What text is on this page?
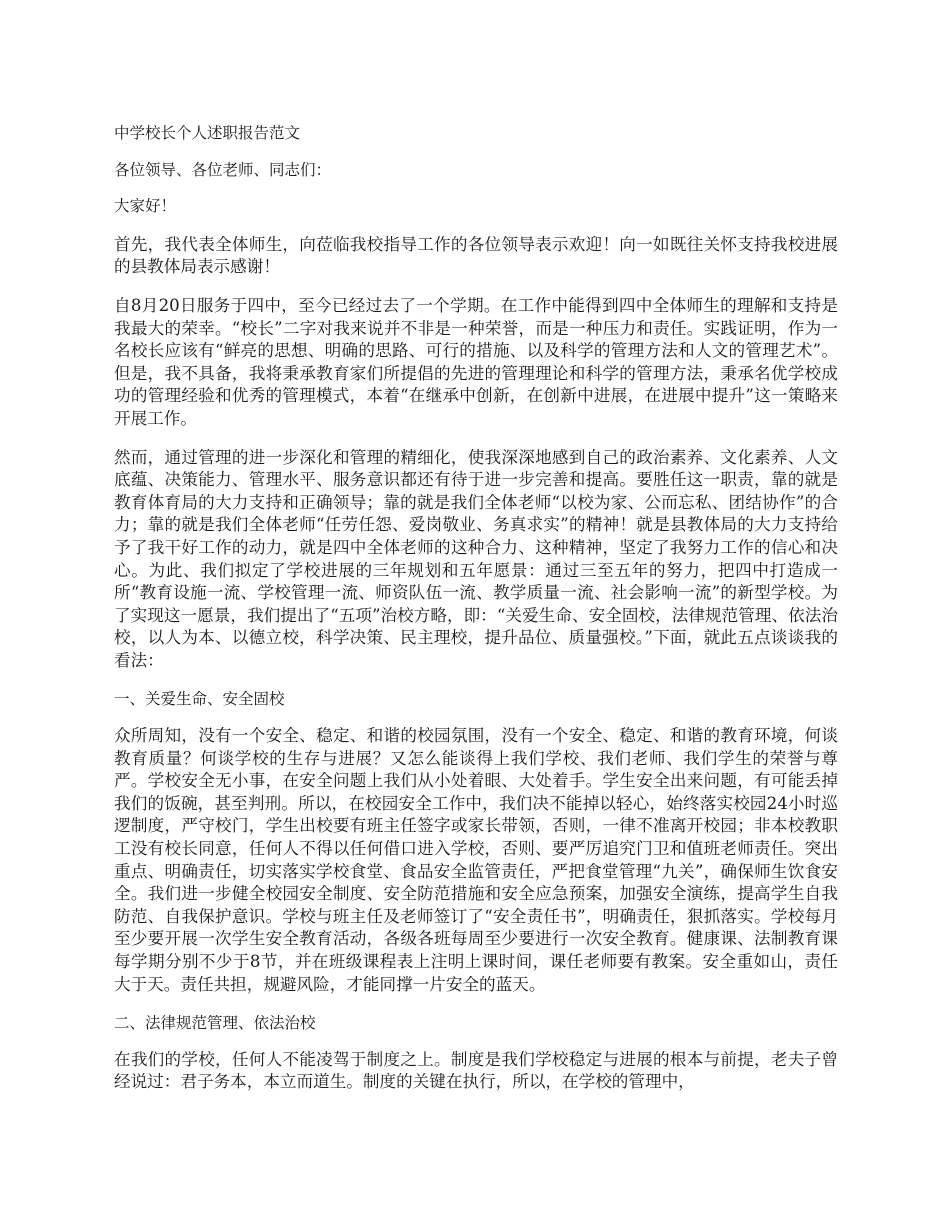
中学校长个人述职报告范文

各位领导、各位老师、同志们：

大家好！

首先，我代表全体师生，向莅临我校指导工作的各位领导表示欢迎！向一如既往关怀支持我校进展的县教体局表示感谢！

自8月20日服务于四中，至今已经过去了一个学期。在工作中能得到四中全体师生的理解和支持是我最大的荣幸。“校长”二字对我来说并不非是一种荣誉，而是一种压力和责任。实践证明，作为一名校长应该有“鲜亮的思想、明确的思路、可行的措施、以及科学的管理方法和人文的管理艺术”。但是，我不具备，我将秉承教育家们所提倡的先进的管理理论和科学的管理方法，秉承名优学校成功的管理经验和优秀的管理模式，本着“在继承中创新，在创新中进展，在进展中提升”这一策略来开展工作。

然而，通过管理的进一步深化和管理的精细化，使我深深地感到自己的政治素养、文化素养、人文底蕴、决策能力、管理水平、服务意识都还有待于进一步完善和提高。要胜任这一职责，靠的就是教育体育局的大力支持和正确领导；靠的就是我们全体老师“以校为家、公而忘私、团结协作”的合力；靠的就是我们全体老师“任劳任怨、爱岗敬业、务真求实”的精神！就是县教体局的大力支持给予了我干好工作的动力，就是四中全体老师的这种合力、这种精神，坚定了我努力工作的信心和决心。为此、我们拟定了学校进展的三年规划和五年愿景：通过三至五年的努力，把四中打造成一所“教育设施一流、学校管理一流、师资队伍一流、教学质量一流、社会影响一流”的新型学校。为了实现这一愿景，我们提出了“五项”治校方略，即：“关爱生命、安全固校，法律规范管理、依法治校，以人为本、以德立校，科学决策、民主理校，提升品位、质量强校。”下面，就此五点谈谈我的看法：

一、关爱生命、安全固校

众所周知，没有一个安全、稳定、和谐的校园氛围，没有一个安全、稳定、和谐的教育环境，何谈教育质量？何谈学校的生存与进展？又怎么能谈得上我们学校、我们老师、我们学生的荣誉与尊严。学校安全无小事，在安全问题上我们从小处着眼、大处着手。学生安全出来问题，有可能丢掉我们的饭碗，甚至判刑。所以，在校园安全工作中，我们决不能掉以轻心，始终落实校园24小时巡逻制度，严守校门，学生出校要有班主任签字或家长带领，否则，一律不准离开校园；非本校教职工没有校长同意，任何人不得以任何借口进入学校，否则、要严厉追究门卫和值班老师责任。突出重点、明确责任，切实落实学校食堂、食品安全监管责任，严把食堂管理“九关”，确保师生饮食安全。我们进一步健全校园安全制度、安全防范措施和安全应急预案，加强安全演练，提高学生自我防范、自我保护意识。学校与班主任及老师签订了“安全责任书”，明确责任，狠抓落实。学校每月至少要开展一次学生安全教育活动，各级各班每周至少要进行一次安全教育。健康课、法制教育课每学期分别不少于8节，并在班级课程表上注明上课时间，课任老师要有教案。安全重如山，责任大于天。责任共担，规避风险，才能同撑一片安全的蓝天。

二、法律规范管理、依法治校

在我们的学校，任何人不能凌驾于制度之上。制度是我们学校稳定与进展的根本与前提，老夫子曾经说过：君子务本，本立而道生。制度的关键在执行，所以，在学校的管理中，
